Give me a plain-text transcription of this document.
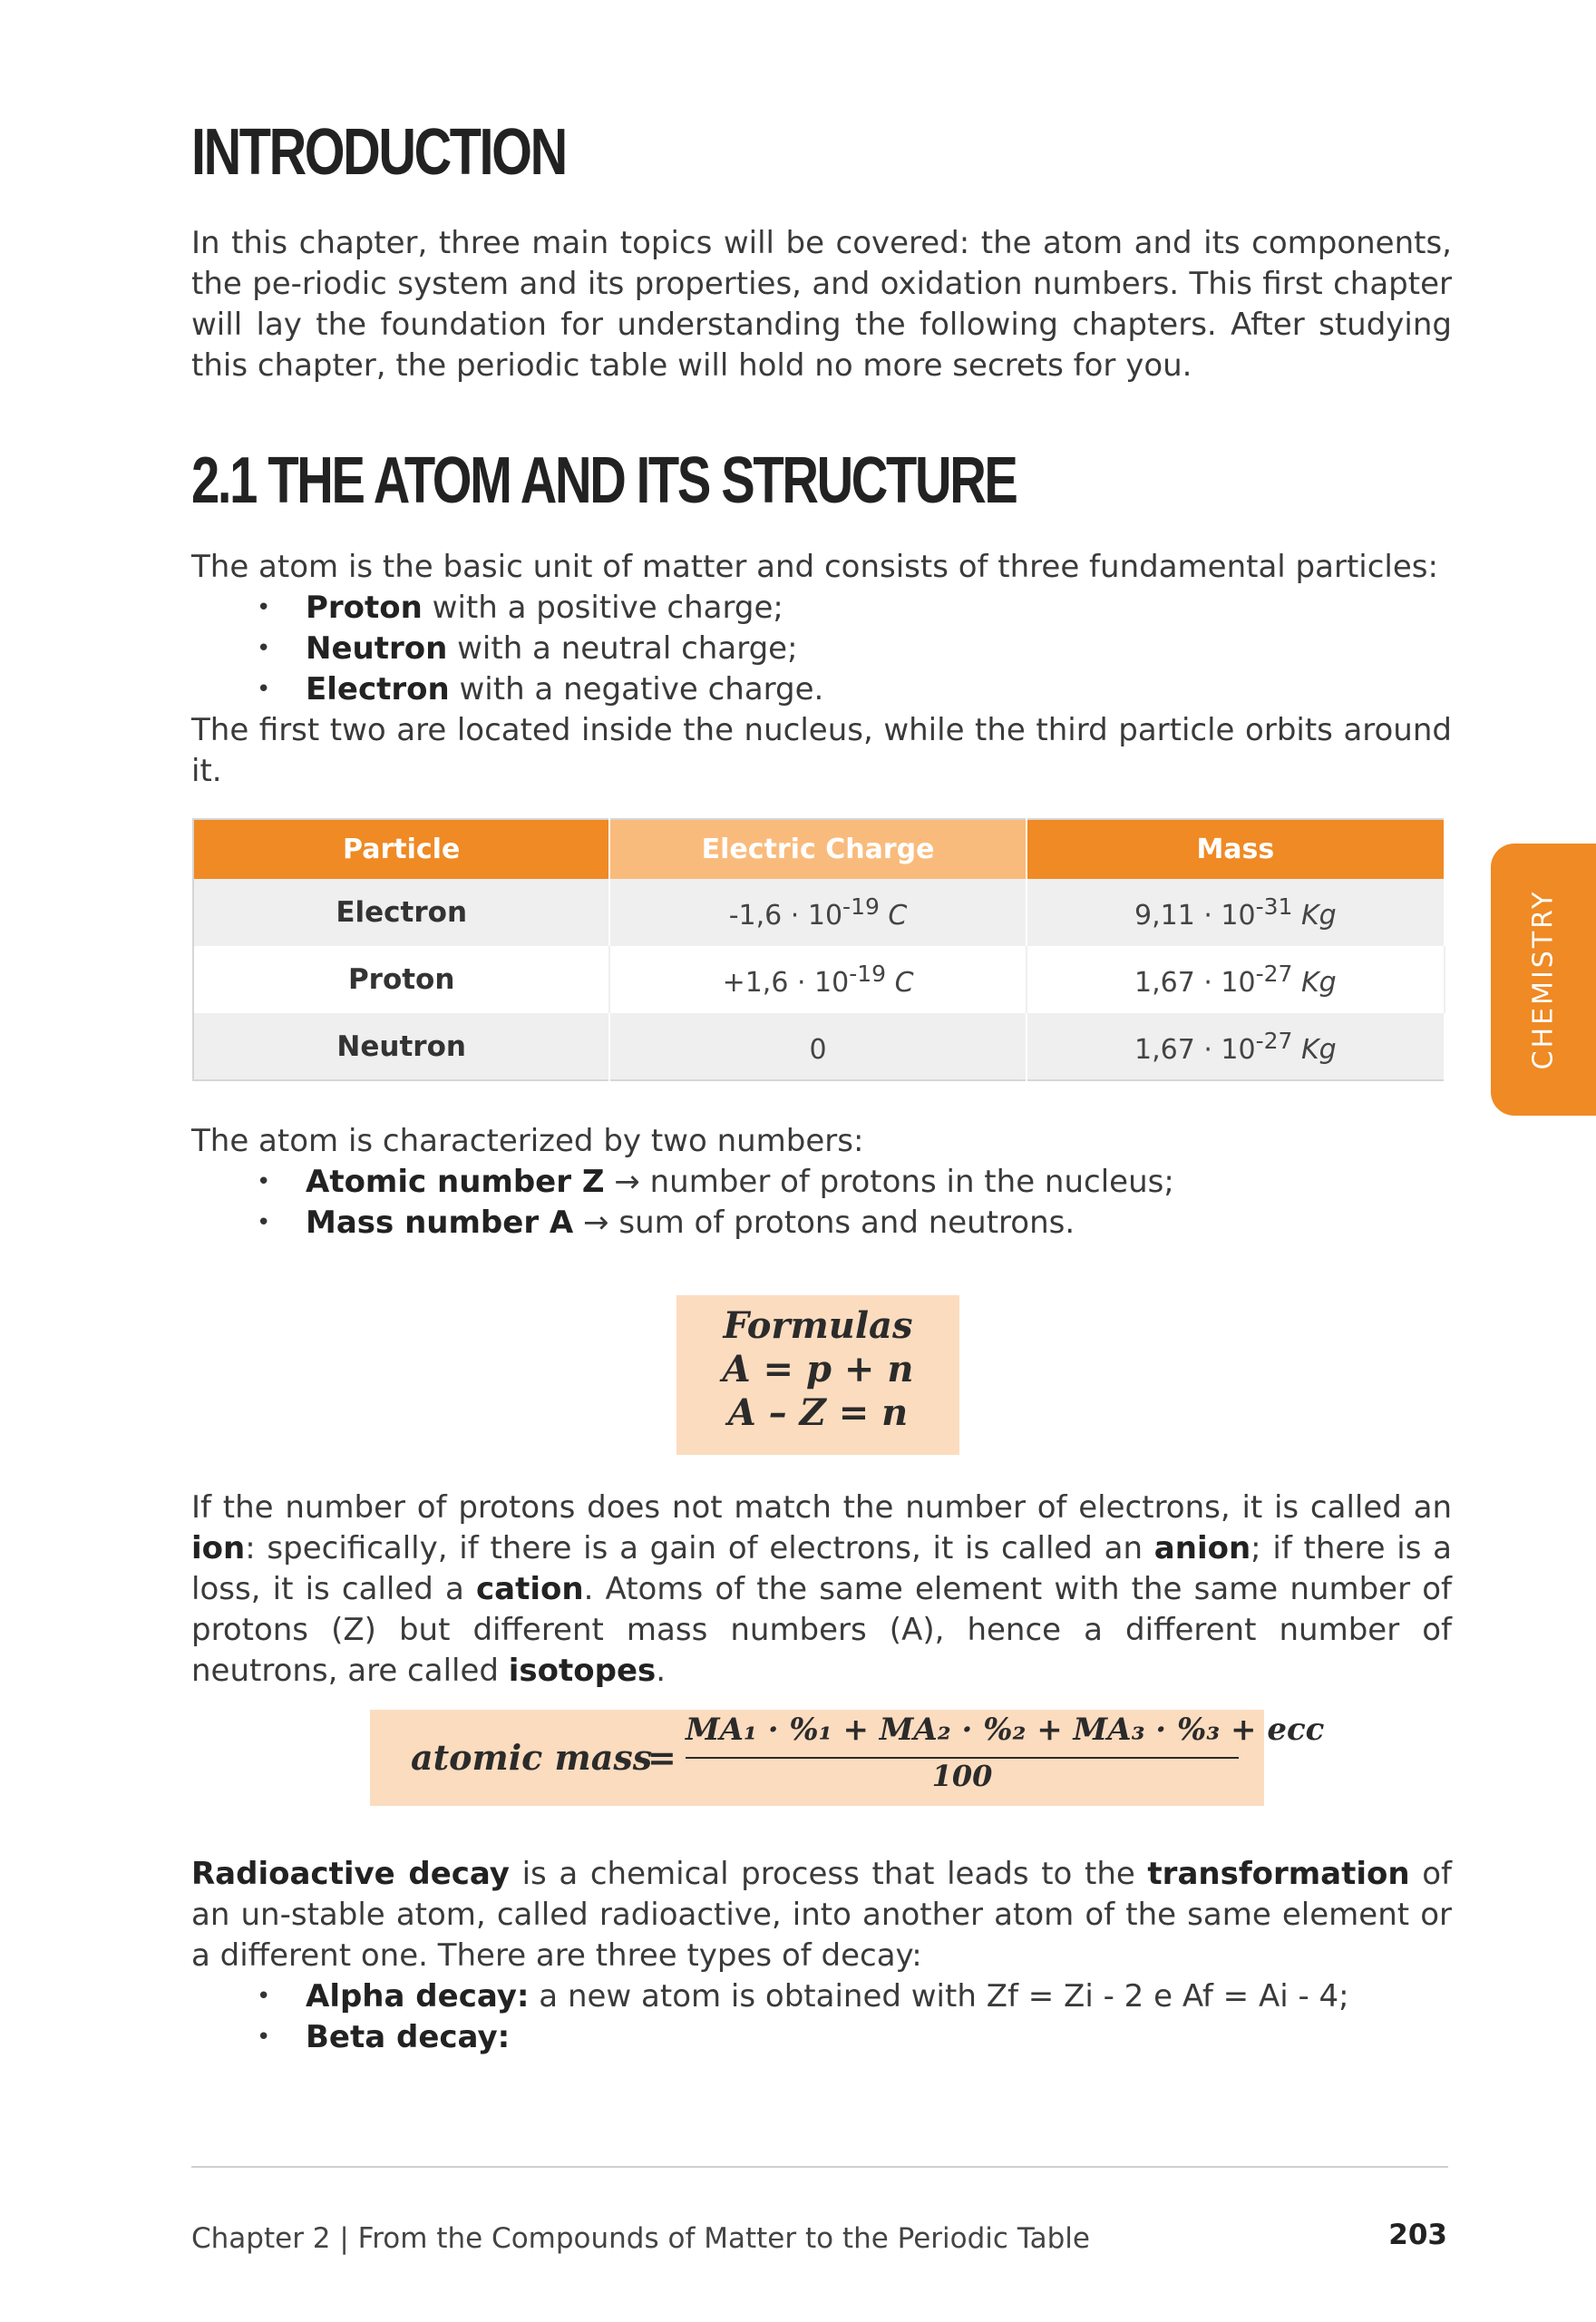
INTRODUCTION

In this chapter, three main topics will be covered: the atom and its components, the pe-riodic system and its properties, and oxidation numbers. This first chapter will lay the foundation for understanding the following chapters. After studying this chapter, the periodic table will hold no more secrets for you.

2.1 THE ATOM AND ITS STRUCTURE

The atom is the basic unit of matter and consists of three fundamental particles:

• Proton with a positive charge;
• Neutron with a neutral charge;
• Electron with a negative charge.

The first two are located inside the nucleus, while the third particle orbits around it.

Particle	Electric Charge	Mass
Electron	$-1,6 \cdot 10^{-19}$ C	$9,11 \cdot 10^{-31}$ Kg
Proton	$+1,6 \cdot 10^{-19}$ C	$1,67 \cdot 10^{-27}$ Kg
Neutron	0	$1,67 \cdot 10^{-27}$ Kg

The atom is characterized by two numbers:

• Atomic number Z → number of protons in the nucleus;
• Mass number A → sum of protons and neutrons.
Formulas
A = p + n
A – Z = n

If the number of protons does not match the number of electrons, it is called an ion: specifically, if there is a gain of electrons, it is called an anion; if there is a loss, it is called a cation. Atoms of the same element with the same number of protons (Z) but different mass numbers (A), hence a different number of neutrons, are called isotopes.

atomic mass
=
MA₁ · %₁ + MA₂ · %₂ + MA₃ · %₃ + ecc
100

Radioactive decay is a chemical process that leads to the transformation of an un-stable atom, called radioactive, into another atom of the same element or a different one. There are three types of decay:

• Alpha decay: a new atom is obtained with Zf = Zi - 2 e Af = Ai - 4;
• Beta decay:
CHEMISTRY
Chapter 2 | From the Compounds of Matter to the Periodic Table	203
